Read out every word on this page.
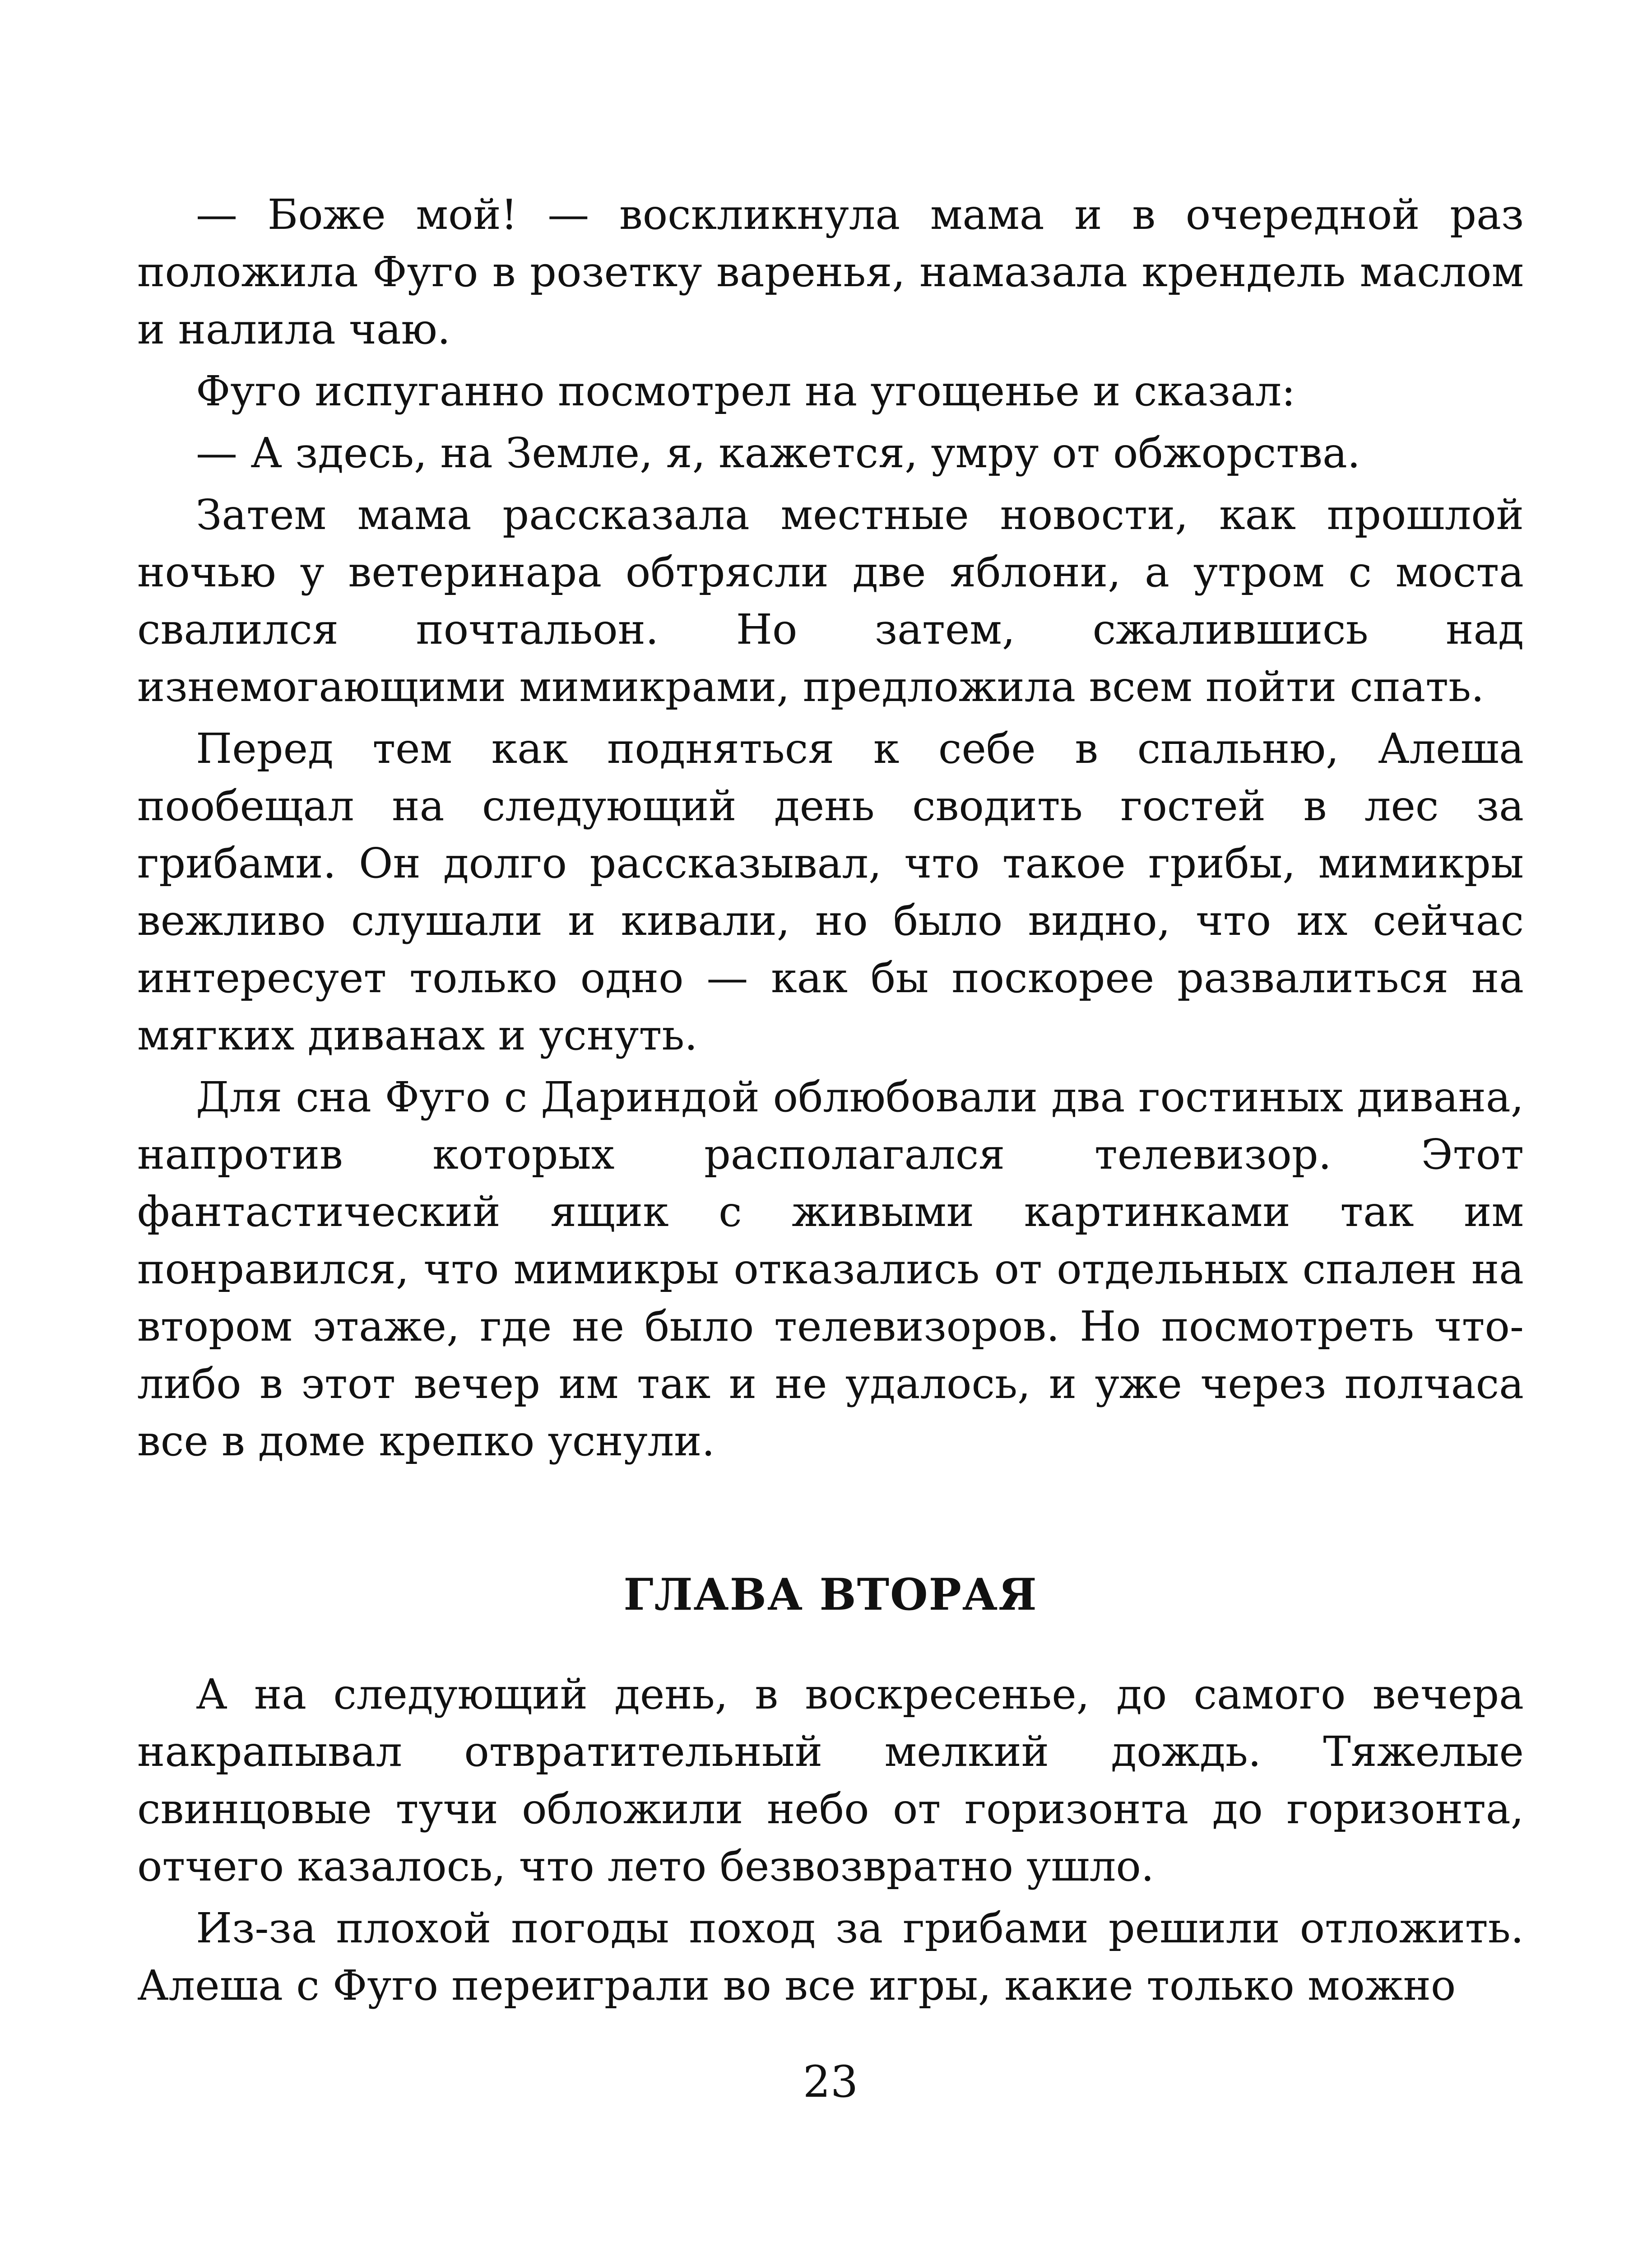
— Боже мой! — воскликнула мама и в очередной раз положила Фуго в розетку варенья, намазала крендель маслом и налила чаю.

Фуго испуганно посмотрел на угощенье и сказал:

— А здесь, на Земле, я, кажется, умру от обжорства.

Затем мама рассказала местные новости, как прошлой ночью у ветеринара обтрясли две яблони, а утром с моста свалился почтальон. Но затем, сжалившись над изнемогающими мимикрами, предложила всем пойти спать.

Перед тем как подняться к себе в спальню, Алеша пообещал на следующий день сводить гостей в лес за грибами. Он долго рассказывал, что такое грибы, мимикры вежливо слушали и кивали, но было видно, что их сейчас интересует только одно — как бы поскорее развалиться на мягких диванах и уснуть.

Для сна Фуго с Дариндой облюбовали два гостиных дивана, напротив которых располагался телевизор. Этот фантастический ящик с живыми картинками так им понравился, что мимикры отказались от отдельных спален на втором этаже, где не было телевизоров. Но посмотреть что-либо в этот вечер им так и не удалось, и уже через полчаса все в доме крепко уснули.

ГЛАВА ВТОРАЯ

А на следующий день, в воскресенье, до самого вечера накрапывал отвратительный мелкий дождь. Тяжелые свинцовые тучи обложили небо от горизонта до горизонта, отчего казалось, что лето безвозвратно ушло.

Из-за плохой погоды поход за грибами решили отложить. Алеша с Фуго переиграли во все игры, какие только можно

23
